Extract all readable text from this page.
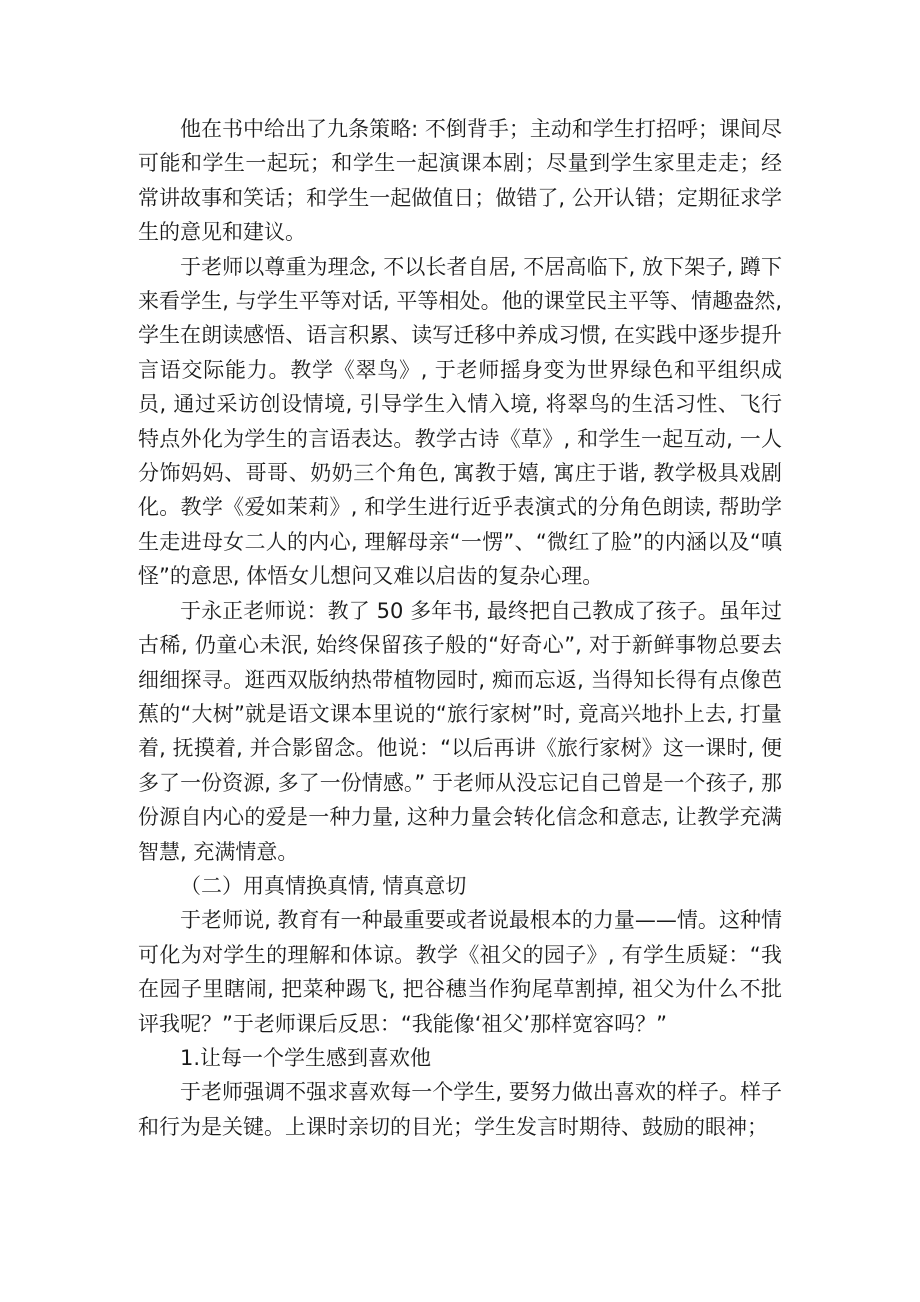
他在书中给出了九条策略: 不倒背手；主动和学生打招呼；课间尽可能和学生一起玩；和学生一起演课本剧；尽量到学生家里走走；经常讲故事和笑话；和学生一起做值日；做错了, 公开认错；定期征求学生的意见和建议。

于老师以尊重为理念, 不以长者自居, 不居高临下, 放下架子, 蹲下来看学生, 与学生平等对话, 平等相处。他的课堂民主平等、情趣盎然, 学生在朗读感悟、语言积累、读写迁移中养成习惯, 在实践中逐步提升言语交际能力。教学《翠鸟》, 于老师摇身变为世界绿色和平组织成员, 通过采访创设情境, 引导学生入情入境, 将翠鸟的生活习性、飞行特点外化为学生的言语表达。教学古诗《草》, 和学生一起互动, 一人分饰妈妈、哥哥、奶奶三个角色, 寓教于嬉, 寓庄于谐, 教学极具戏剧化。教学《爱如茉莉》, 和学生进行近乎表演式的分角色朗读, 帮助学生走进母女二人的内心, 理解母亲“一愣”、“微红了脸”的内涵以及“嗔怪”的意思, 体悟女儿想问又难以启齿的复杂心理。

于永正老师说：教了 50 多年书, 最终把自己教成了孩子。虽年过古稀, 仍童心未泯, 始终保留孩子般的“好奇心”, 对于新鲜事物总要去细细探寻。逛西双版纳热带植物园时, 痴而忘返, 当得知长得有点像芭蕉的“大树”就是语文课本里说的“旅行家树”时, 竟高兴地扑上去, 打量着, 抚摸着, 并合影留念。他说：“以后再讲《旅行家树》这一课时, 便多了一份资源, 多了一份情感。” 于老师从没忘记自己曾是一个孩子, 那份源自内心的爱是一种力量, 这种力量会转化信念和意志, 让教学充满智慧, 充满情意。

（二）用真情换真情, 情真意切

于老师说, 教育有一种最重要或者说最根本的力量——情。这种情可化为对学生的理解和体谅。教学《祖父的园子》, 有学生质疑：“我在园子里瞎闹, 把菜种踢飞, 把谷穗当作狗尾草割掉, 祖父为什么不批评我呢？”于老师课后反思：“我能像‘祖父’那样宽容吗？”

1.让每一个学生感到喜欢他

于老师强调不强求喜欢每一个学生, 要努力做出喜欢的样子。样子和行为是关键。上课时亲切的目光；学生发言时期待、鼓励的眼神；
